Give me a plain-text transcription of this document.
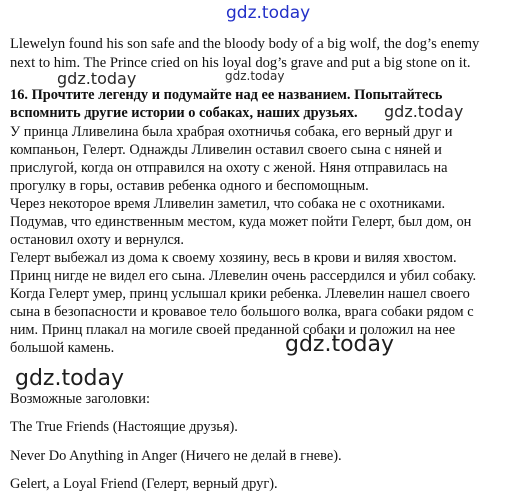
gdz.today
Llewelyn found his son safe and the bloody body of a big wolf, the dog’s enemy
next to him. The Prince cried on his loyal dog’s grave and put a big stone on it.
gdz.today	gdz.today
16. Прочтите легенду и подумайте над ее названием. Попытайтесь
вспомнить другие истории о собаках, наших друзьях. gdz.today
У принца Лливелина была храбрая охотничья собака, его верный друг и
компаньон, Гелерт. Однажды Лливелин оставил своего сына с няней и
прислугой, когда он отправился на охоту с женой. Няня отправилась на
прогулку в горы, оставив ребенка одного и беспомощным.
Через некоторое время Лливелин заметил, что собака не с охотниками.
Подумав, что единственным местом, куда может пойти Гелерт, был дом, он
остановил охоту и вернулся.
Гелерт выбежал из дома к своему хозяину, весь в крови и виляя хвостом.
Принц нигде не видел его сына. Ллевелин очень рассердился и убил собаку.
Когда Гелерт умер, принц услышал крики ребенка. Ллевелин нашел своего
сына в безопасности и кровавое тело большого волка, врага собаки рядом с
ним. Принц плакал на могиле своей преданной собаки и положил на нее
большой камень.	gdz.today
gdz.today
Возможные заголовки:
The True Friends (Настоящие друзья).
Never Do Anything in Anger (Ничего не делай в гневе).
Gelert, a Loyal Friend (Гелерт, верный друг).
